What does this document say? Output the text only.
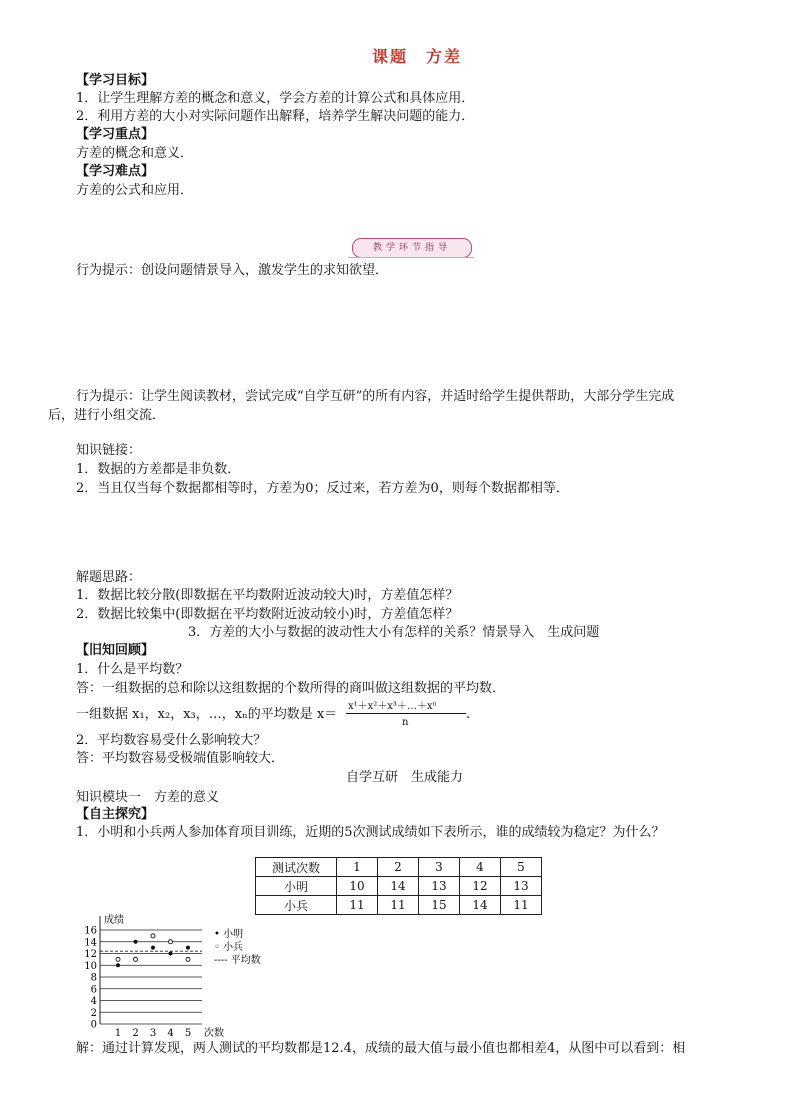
课题　方差
【学习目标】
1．让学生理解方差的概念和意义，学会方差的计算公式和具体应用．
2．利用方差的大小对实际问题作出解释，培养学生解决问题的能力．
【学习重点】
方差的概念和意义．
【学习难点】
方差的公式和应用．
教学环节指导
行为提示：创设问题情景导入，激发学生的求知欲望．
行为提示：让学生阅读教材，尝试完成“自学互研”的所有内容，并适时给学生提供帮助，大部分学生完成
后，进行小组交流．
知识链接：
1．数据的方差都是非负数．
2．当且仅当每个数据都相等时，方差为0；反过来，若方差为0，则每个数据都相等．
解题思路：
1．数据比较分散(即数据在平均数附近波动较大)时，方差值怎样？
2．数据比较集中(即数据在平均数附近波动较小)时，方差值怎样？
3．方差的大小与数据的波动性大小有怎样的关系？情景导入　生成问题
【旧知回顾】
1．什么是平均数？
答：一组数据的总和除以这组数据的个数所得的商叫做这组数据的平均数．
一组数据 x₁，x₂，x₃，…，xₙ的平均数是 x＝
x¹＋x²＋x³＋…＋xⁿ
n
.
2．平均数容易受什么影响较大？
答：平均数容易受极端值影响较大．
自学互研　生成能力
知识模块一　方差的意义
【自主探究】
1．小明和小兵两人参加体育项目训练，近期的5次测试成绩如下表所示，谁的成绩较为稳定？为什么？
测试次数	1	2	3	4	5
小明	10	14	13	12	13
小兵	11	11	15	14	11
0
2
4
6
8
10
12
14
16
成绩
1 2 3 4 5 次数
• 小明
◦ 小兵
---- 平均数
解：通过计算发现，两人测试的平均数都是12.4，成绩的最大值与最小值也都相差4，从图中可以看到：相
